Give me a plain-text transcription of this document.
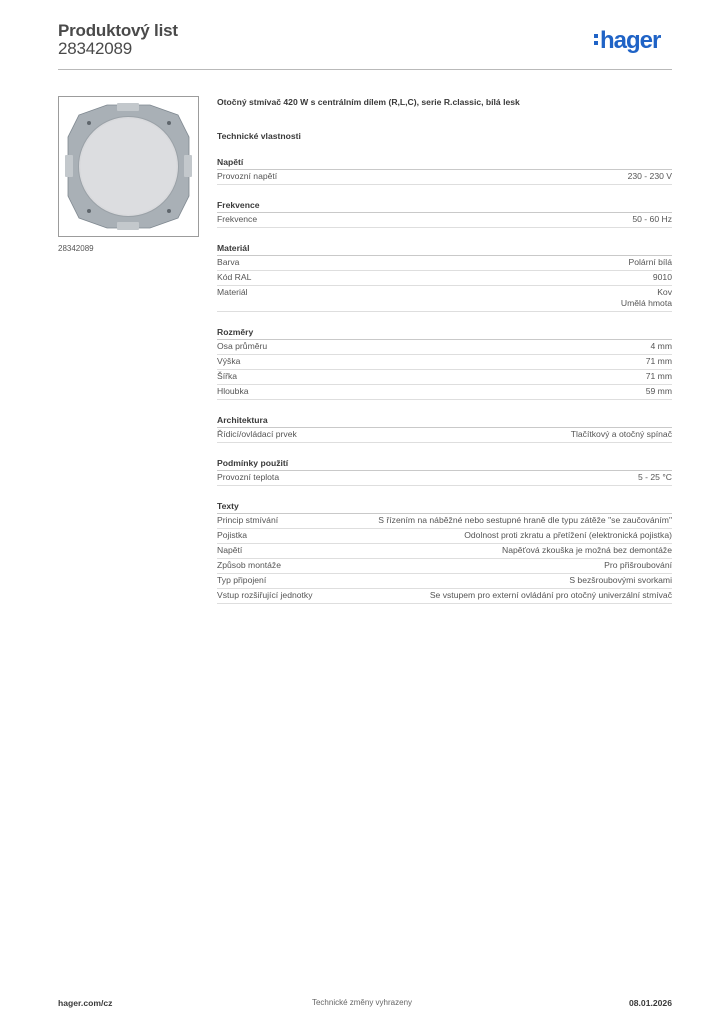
Produktový list
28342089	hager
28342089
Otočný stmívač 420 W s centrálním dílem (R,L,C), serie R.classic, bílá lesk
Technické vlastnosti
Napětí
Provozní napětí	230 - 230 V
Frekvence
Frekvence	50 - 60 Hz
Materiál
Barva	Polární bílá
Kód RAL	9010
Materiál	Kov
Umělá hmota
Rozměry
Osa průměru	4 mm
Výška	71 mm
Šířka	71 mm
Hloubka	59 mm
Architektura
Řídicí/ovládací prvek	Tlačítkový a otočný spínač
Podmínky použití
Provozní teplota	5 - 25 °C
Texty
Princip stmívání	S řízením na náběžné nebo sestupné hraně dle typu zátěže "se zaučováním"
Pojistka	Odolnost proti zkratu a přetížení (elektronická pojistka)
Napětí	Napěťová zkouška je možná bez demontáže
Způsob montáže	Pro přišroubování
Typ připojení	S bezšroubovými svorkami
Vstup rozšiřující jednotky	Se vstupem pro externí ovládání pro otočný univerzální stmívač
hager.com/cz	Technické změny vyhrazeny	08.01.2026
